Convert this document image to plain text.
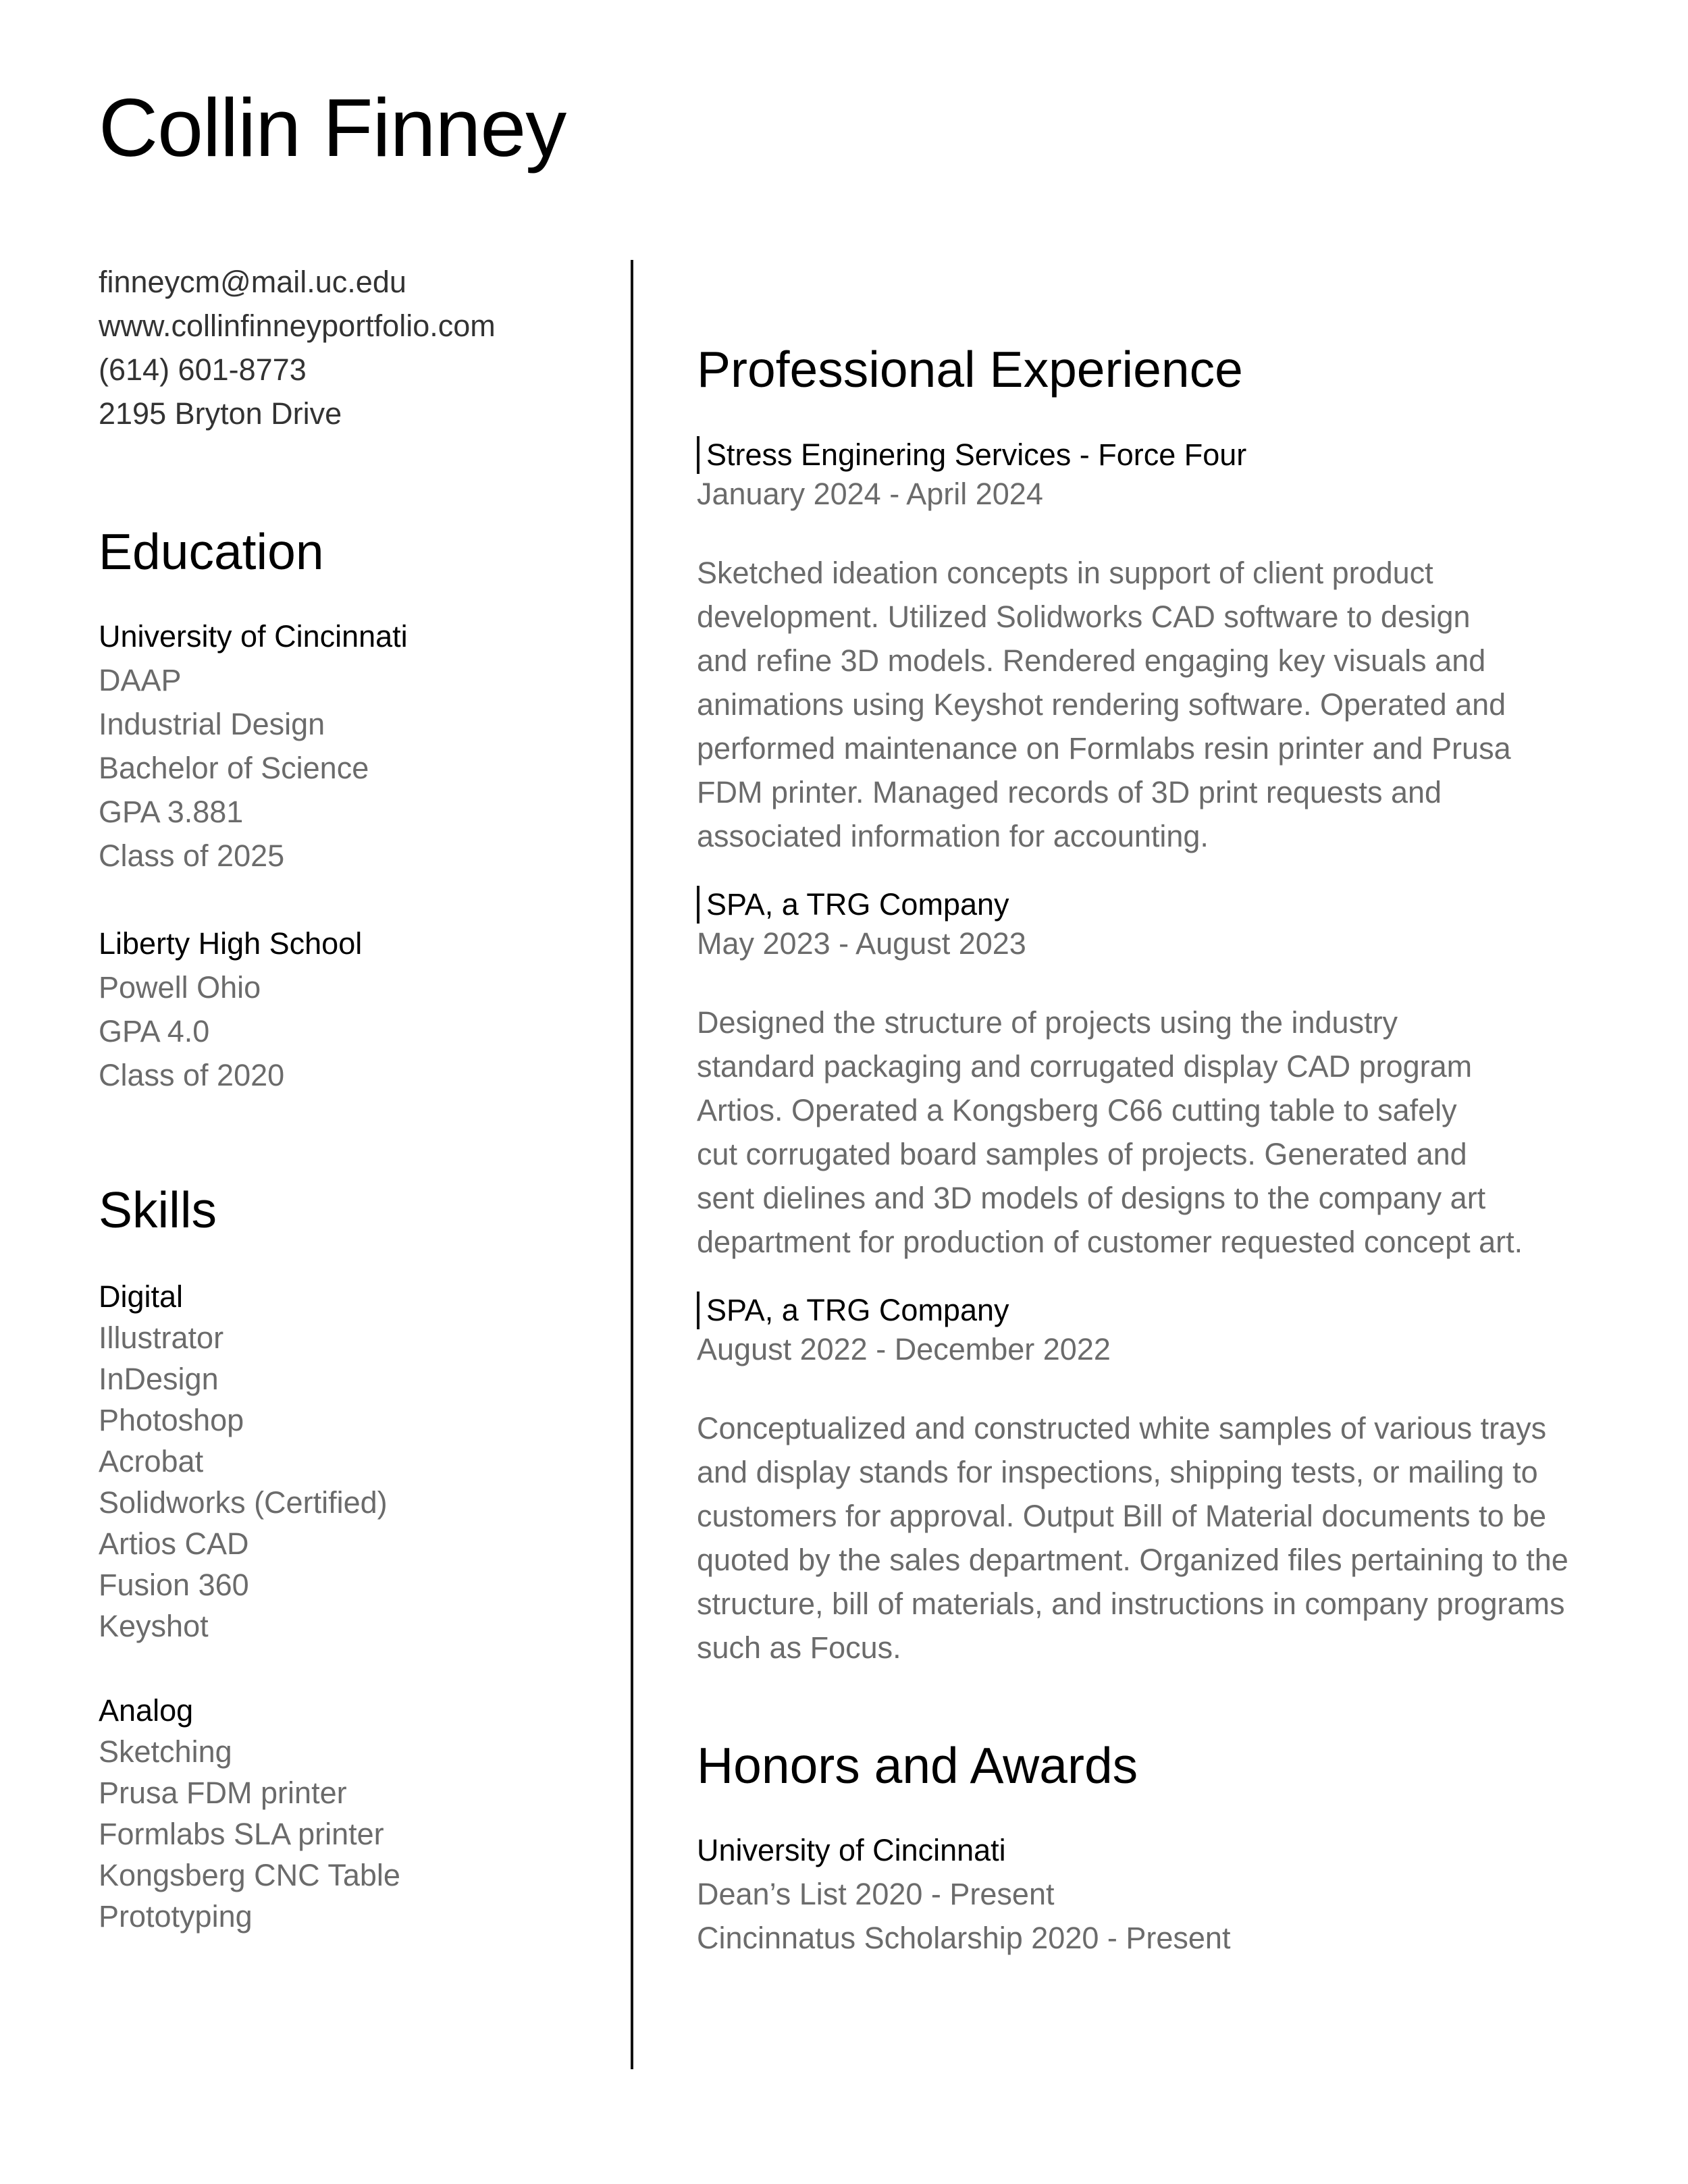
Collin Finney
finneycm@mail.uc.edu
www.collinfinneyportfolio.com
(614) 601-8773
2195 Bryton Drive
Education
University of Cincinnati
DAAP
Industrial Design
Bachelor of Science
GPA 3.881
Class of 2025
Liberty High School
Powell Ohio
GPA 4.0
Class of 2020
Skills
Digital
Illustrator
InDesign
Photoshop
Acrobat
Solidworks (Certified)
Artios CAD
Fusion 360
Keyshot
Analog
Sketching
Prusa FDM printer
Formlabs SLA printer
Kongsberg CNC Table
Prototyping
Professional Experience
Stress Enginering Services - Force Four
January 2024 - April 2024
Sketched ideation concepts in support of client product
development. Utilized Solidworks CAD software to design
and refine 3D models. Rendered engaging key visuals and
animations using Keyshot rendering software. Operated and
performed maintenance on Formlabs resin printer and Prusa
FDM printer. Managed records of 3D print requests and
associated information for accounting.
SPA, a TRG Company
May 2023 - August 2023
Designed the structure of projects using the industry
standard packaging and corrugated display CAD program
Artios. Operated a Kongsberg C66 cutting table to safely
cut corrugated board samples of projects. Generated and
sent dielines and 3D models of designs to the company art
department for production of customer requested concept art.
SPA, a TRG Company
August 2022 - December 2022
Conceptualized and constructed white samples of various trays
and display stands for inspections, shipping tests, or mailing to
customers for approval. Output Bill of Material documents to be
quoted by the sales department. Organized files pertaining to the
structure, bill of materials, and instructions in company programs
such as Focus.
Honors and Awards
University of Cincinnati
Dean’s List 2020 - Present
Cincinnatus Scholarship 2020 - Present
